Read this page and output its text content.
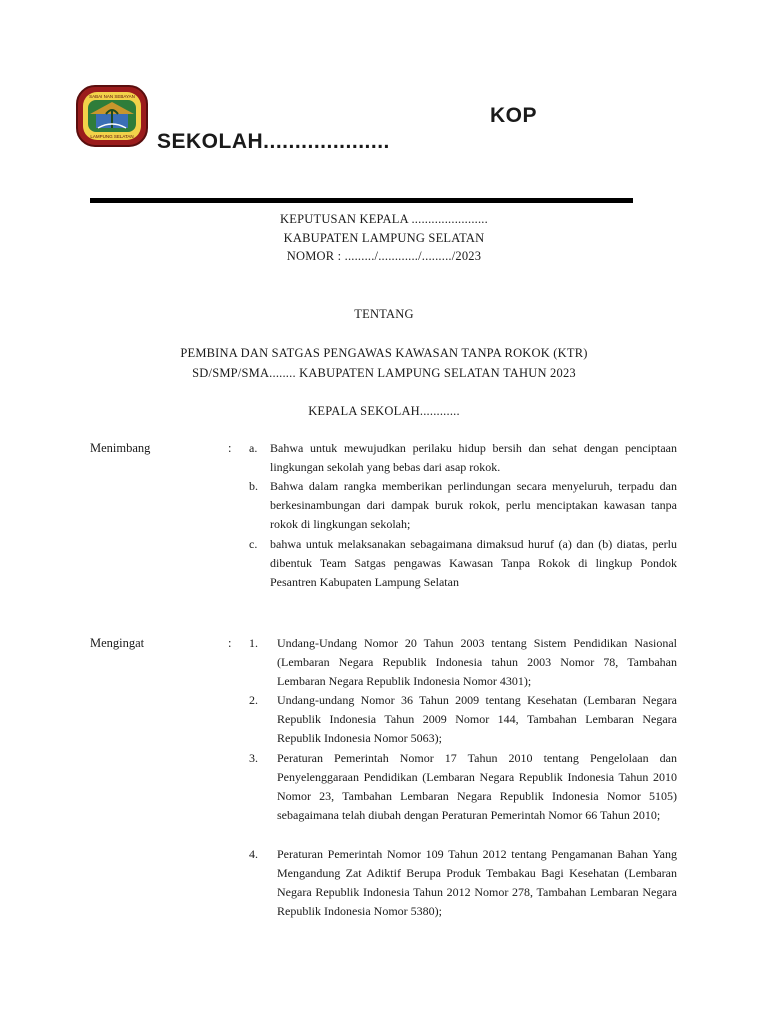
SABAI NAN SEBAYAN
LAMPUNG SELATAN
KOP
SEKOLAH....................
KEPUTUSAN KEPALA .......................
KABUPATEN LAMPUNG SELATAN
NOMOR : ........./............/........./2023
TENTANG
PEMBINA DAN SATGAS PENGAWAS KAWASAN TANPA ROKOK (KTR)
SD/SMP/SMA........ KABUPATEN LAMPUNG SELATAN TAHUN 2023
KEPALA SEKOLAH............
Menimbang	: a. Bahwa untuk mewujudkan perilaku hidup bersih dan sehat dengan penciptaan lingkungan sekolah yang bebas dari asap rokok.
b. Bahwa dalam rangka memberikan perlindungan secara menyeluruh, terpadu dan berkesinambungan dari dampak buruk rokok, perlu menciptakan kawasan tanpa rokok di lingkungan sekolah;
c. bahwa untuk melaksanakan sebagaimana dimaksud huruf (a) dan (b) diatas, perlu dibentuk Team Satgas pengawas Kawasan Tanpa Rokok di lingkup Pondok Pesantren Kabupaten Lampung Selatan
Mengingat	: 1. Undang-Undang Nomor 20 Tahun 2003 tentang Sistem Pendidikan Nasional (Lembaran Negara Republik Indonesia tahun 2003 Nomor 78, Tambahan Lembaran Negara Republik Indonesia Nomor 4301);
2. Undang-undang Nomor 36 Tahun 2009 tentang Kesehatan (Lembaran Negara Republik Indonesia Tahun 2009 Nomor 144, Tambahan Lembaran Negara Republik Indonesia Nomor 5063);
3. Peraturan Pemerintah Nomor 17 Tahun 2010 tentang Pengelolaan dan Penyelenggaraan Pendidikan (Lembaran Negara Republik Indonesia Tahun 2010 Nomor 23, Tambahan Lembaran Negara Republik Indonesia Nomor 5105) sebagaimana telah diubah dengan Peraturan Pemerintah Nomor 66 Tahun 2010;
4. Peraturan Pemerintah Nomor 109 Tahun 2012 tentang Pengamanan Bahan Yang Mengandung Zat Adiktif Berupa Produk Tembakau Bagi Kesehatan (Lembaran Negara Republik Indonesia Tahun 2012 Nomor 278, Tambahan Lembaran Negara Republik Indonesia Nomor 5380);
